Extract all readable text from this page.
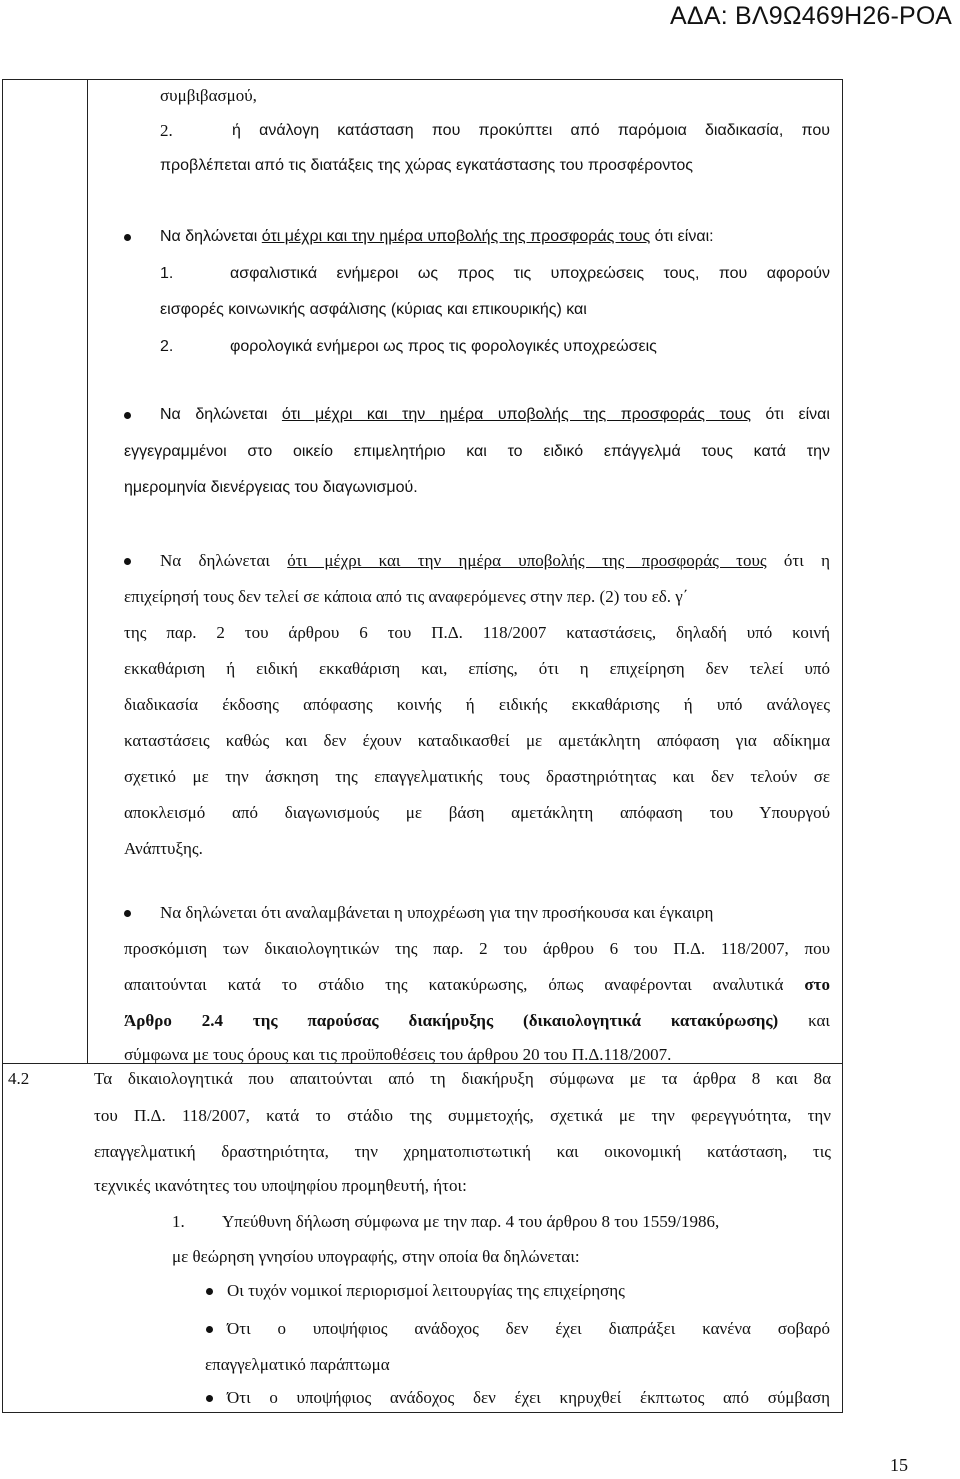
ΑΔΑ: ΒΛ9Ω469Η26-ΡΟΑ
συμβιβασμού,
2.	ή ανάλογη κατάσταση που προκύπτει από παρόμοια διαδικασία, που
προβλέπεται από τις διατάξεις της χώρας εγκατάστασης του προσφέροντος
Να δηλώνεται ότι μέχρι και την ημέρα υποβολής της προσφοράς τους ότι είναι:
1.	ασφαλιστικά ενήμεροι ως προς τις υποχρεώσεις τους, που αφορούν
εισφορές κοινωνικής ασφάλισης (κύριας και επικουρικής) και
2.	φορολογικά ενήμεροι ως προς τις φορολογικές υποχρεώσεις
Να δηλώνεται ότι μέχρι και την ημέρα υποβολής της προσφοράς τους ότι είναι
εγγεγραμμένοι στο οικείο επιμελητήριο και το ειδικό επάγγελμά τους κατά την
ημερομηνία διενέργειας του διαγωνισμού.
Να δηλώνεται ότι μέχρι και την ημέρα υποβολής της προσφοράς τους ότι η
επιχείρησή τους δεν τελεί σε κάποια από τις αναφερόμενες στην περ. (2) του εδ. γ΄
της παρ. 2 του άρθρου 6 του Π.Δ. 118/2007 καταστάσεις, δηλαδή υπό κοινή
εκκαθάριση ή ειδική εκκαθάριση και, επίσης, ότι η επιχείρηση δεν τελεί υπό
διαδικασία έκδοσης απόφασης κοινής ή ειδικής εκκαθάρισης ή υπό ανάλογες
καταστάσεις καθώς και δεν έχουν καταδικασθεί με αμετάκλητη απόφαση για αδίκημα
σχετικό με την άσκηση της επαγγελματικής τους δραστηριότητας και δεν τελούν σε
αποκλεισμό από διαγωνισμούς με βάση αμετάκλητη απόφαση του Υπουργού
Ανάπτυξης.
Να δηλώνεται ότι αναλαμβάνεται η υποχρέωση για την προσήκουσα και έγκαιρη
προσκόμιση των δικαιολογητικών της παρ. 2 του άρθρου 6 του Π.Δ. 118/2007, που
απαιτούνται κατά το στάδιο της κατακύρωσης, όπως αναφέρονται αναλυτικά στο
Άρθρο 2.4 της παρούσας διακήρυξης (δικαιολογητικά κατακύρωσης) και
σύμφωνα με τους όρους και τις προϋποθέσεις του άρθρου 20 του Π.Δ.118/2007.
4.2	Τα δικαιολογητικά που απαιτούνται από τη διακήρυξη σύμφωνα με τα άρθρα 8 και 8α
του Π.Δ. 118/2007, κατά το στάδιο της συμμετοχής, σχετικά με την φερεγγυότητα, την
επαγγελματική δραστηριότητα, την χρηματοπιστωτική και οικονομική κατάσταση, τις
τεχνικές ικανότητες του υποψηφίου προμηθευτή, ήτοι:
1. Υπεύθυνη δήλωση σύμφωνα με την παρ. 4 του άρθρου 8 του 1559/1986,
με θεώρηση γνησίου υπογραφής, στην οποία θα δηλώνεται:
Οι τυχόν νομικοί περιορισμοί λειτουργίας της επιχείρησης
Ότι ο υποψήφιος ανάδοχος δεν έχει διαπράξει κανένα σοβαρό
επαγγελματικό παράπτωμα
Ότι ο υποψήφιος ανάδοχος δεν έχει κηρυχθεί έκπτωτος από σύμβαση
15
